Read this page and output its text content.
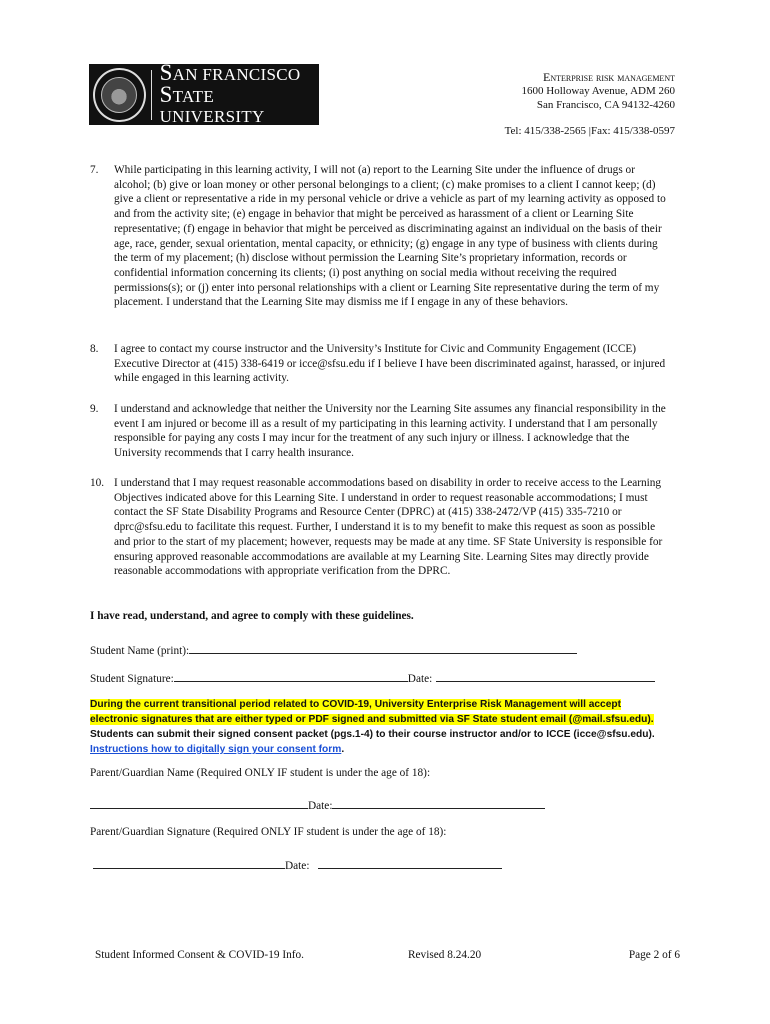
SAN FRANCISCO
STATE UNIVERSITY
Enterprise risk management
1600 Holloway Avenue, ADM 260
San Francisco, CA 94132-4260
Tel: 415/338-2565 |Fax: 415/338-0597
7. While participating in this learning activity, I will not (a) report to the Learning Site under the influence of drugs or alcohol; (b) give or loan money or other personal belongings to a client; (c) make promises to a client I cannot keep; (d) give a client or representative a ride in my personal vehicle or drive a vehicle as part of my learning activity as opposed to and from the activity site; (e) engage in behavior that might be perceived as harassment of a client or Learning Site representative; (f) engage in behavior that might be perceived as discriminating against an individual on the basis of their age, race, gender, sexual orientation, mental capacity, or ethnicity; (g) engage in any type of business with clients during the term of my placement; (h) disclose without permission the Learning Site’s proprietary information, records or confidential information concerning its clients; (i) post anything on social media without receiving the required permissions(s); or (j) enter into personal relationships with a client or Learning Site representative during the term of my placement. I understand that the Learning Site may dismiss me if I engage in any of these behaviors.
8. I agree to contact my course instructor and the University’s Institute for Civic and Community Engagement (ICCE) Executive Director at (415) 338-6419 or icce@sfsu.edu if I believe I have been discriminated against, harassed, or injured while engaged in this learning activity.
9. I understand and acknowledge that neither the University nor the Learning Site assumes any financial responsibility in the event I am injured or become ill as a result of my participating in this learning activity. I understand that I am personally responsible for paying any costs I may incur for the treatment of any such injury or illness. I acknowledge that the University recommends that I carry health insurance.
10. I understand that I may request reasonable accommodations based on disability in order to receive access to the Learning Objectives indicated above for this Learning Site. I understand in order to request reasonable accommodations; I must contact the SF State Disability Programs and Resource Center (DPRC) at (415) 338-2472/VP (415) 335-7210 or dprc@sfsu.edu to facilitate this request. Further, I understand it is to my benefit to make this request as soon as possible and prior to the start of my placement; however, requests may be made at any time. SF State University is responsible for ensuring approved reasonable accommodations are available at my Learning Site. Learning Sites may directly provide reasonable accommodations with appropriate verification from the DPRC.
I have read, understand, and agree to comply with these guidelines.
Student Name (print):
Student Signature:	Date:
During the current transitional period related to COVID-19, University Enterprise Risk Management will accept
electronic signatures that are either typed or PDF signed and submitted via SF State student email (@mail.sfsu.edu).
Students can submit their signed consent packet (pgs.1-4) to their course instructor and/or to ICCE (icce@sfsu.edu).
Instructions how to digitally sign your consent form.
Parent/Guardian Name (Required ONLY IF student is under the age of 18):
Date:
Parent/Guardian Signature (Required ONLY IF student is under the age of 18):
Date:
Student Informed Consent & COVID-19 Info.	Revised 8.24.20	Page 2 of 6
